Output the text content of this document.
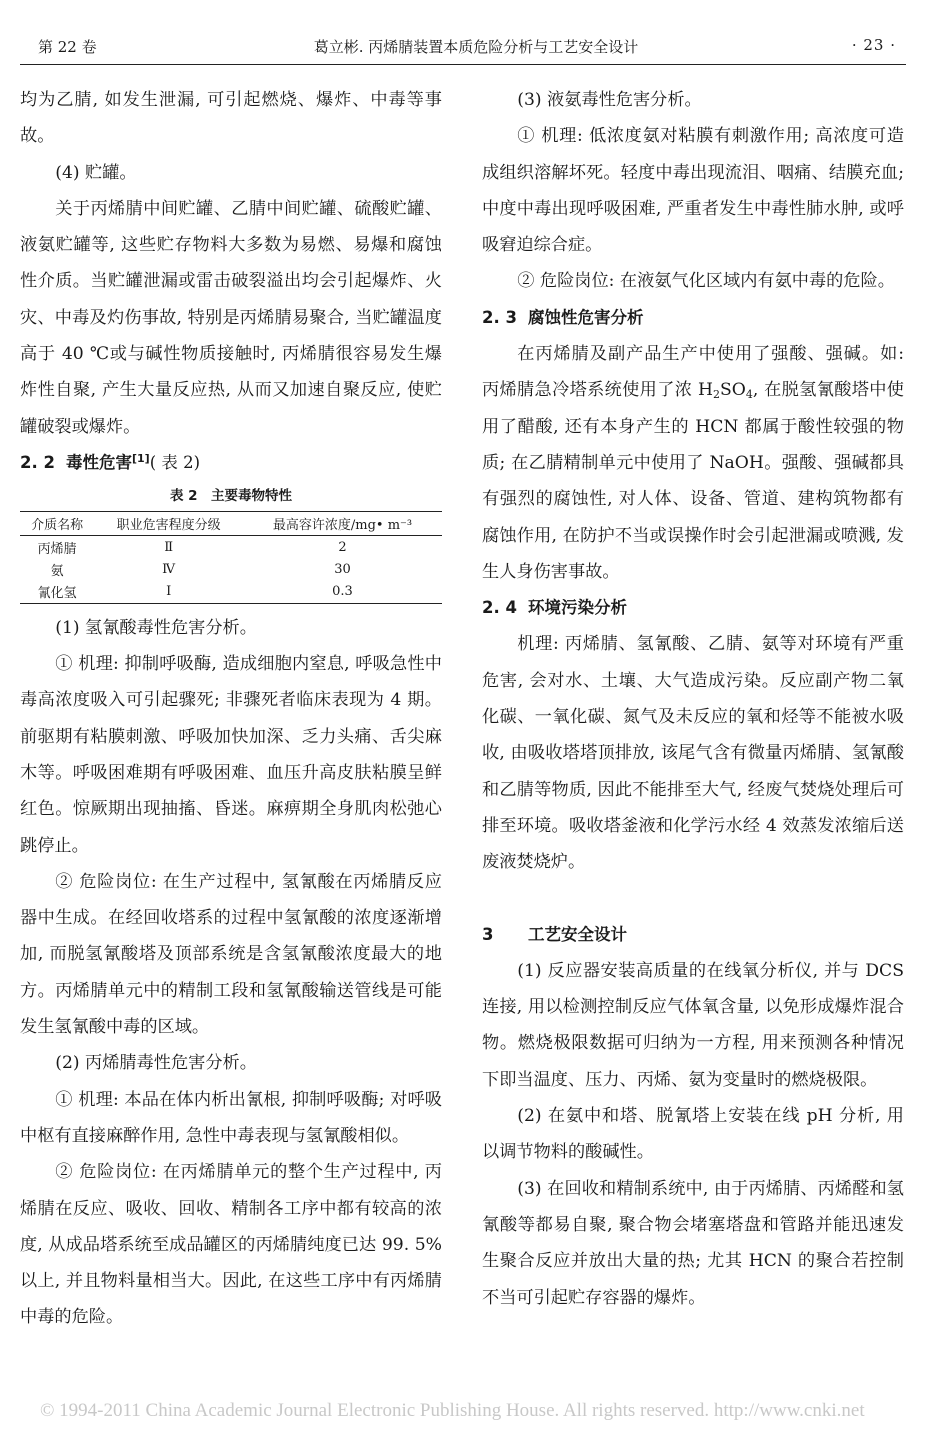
第 22 卷	葛立彬. 丙烯腈装置本质危险分析与工艺安全设计	· 23 ·

均为乙腈, 如发生泄漏, 可引起燃烧、爆炸、中毒等事故。

(4) 贮罐。

关于丙烯腈中间贮罐、乙腈中间贮罐、硫酸贮罐、液氨贮罐等, 这些贮存物料大多数为易燃、易爆和腐蚀性介质。当贮罐泄漏或雷击破裂溢出均会引起爆炸、火灾、中毒及灼伤事故, 特别是丙烯腈易聚合, 当贮罐温度高于 40 ℃或与碱性物质接触时, 丙烯腈很容易发生爆炸性自聚, 产生大量反应热, 从而又加速自聚反应, 使贮罐破裂或爆炸。

2. 2 毒性危害[1]( 表 2)
表 2　主要毒物特性
介质名称	职业危害程度分级	最高容许浓度/mg• m⁻³
丙烯腈	Ⅱ	2
氨	Ⅳ	30
氰化氢	Ⅰ	0.3

(1) 氢氰酸毒性危害分析。

① 机理: 抑制呼吸酶, 造成细胞内窒息, 呼吸急性中毒高浓度吸入可引起骤死; 非骤死者临床表现为 4 期。前驱期有粘膜刺激、呼吸加快加深、乏力头痛、舌尖麻木等。呼吸困难期有呼吸困难、血压升高皮肤粘膜呈鲜红色。惊厥期出现抽搐、昏迷。麻痹期全身肌肉松弛心跳停止。

② 危险岗位: 在生产过程中, 氢氰酸在丙烯腈反应器中生成。在经回收塔系的过程中氢氰酸的浓度逐渐增加, 而脱氢氰酸塔及顶部系统是含氢氰酸浓度最大的地方。丙烯腈单元中的精制工段和氢氰酸输送管线是可能发生氢氰酸中毒的区域。

(2) 丙烯腈毒性危害分析。

① 机理: 本品在体内析出氰根, 抑制呼吸酶; 对呼吸中枢有直接麻醉作用, 急性中毒表现与氢氰酸相似。

② 危险岗位: 在丙烯腈单元的整个生产过程中, 丙烯腈在反应、吸收、回收、精制各工序中都有较高的浓度, 从成品塔系统至成品罐区的丙烯腈纯度已达 99. 5% 以上, 并且物料量相当大。因此, 在这些工序中有丙烯腈中毒的危险。

(3) 液氨毒性危害分析。

① 机理: 低浓度氨对粘膜有刺激作用; 高浓度可造成组织溶解坏死。轻度中毒出现流泪、咽痛、结膜充血; 中度中毒出现呼吸困难, 严重者发生中毒性肺水肿, 或呼吸窘迫综合症。

② 危险岗位: 在液氨气化区域内有氨中毒的危险。

2. 3 腐蚀性危害分析

在丙烯腈及副产品生产中使用了强酸、强碱。如: 丙烯腈急冷塔系统使用了浓 $H_2SO_4$, 在脱氢氰酸塔中使用了醋酸, 还有本身产生的 HCN 都属于酸性较强的物质; 在乙腈精制单元中使用了 NaOH。强酸、强碱都具有强烈的腐蚀性, 对人体、设备、管道、建构筑物都有腐蚀作用, 在防护不当或误操作时会引起泄漏或喷溅, 发生人身伤害事故。

2. 4 环境污染分析

机理: 丙烯腈、氢氰酸、乙腈、氨等对环境有严重危害, 会对水、土壤、大气造成污染。反应副产物二氧化碳、一氧化碳、氮气及未反应的氧和烃等不能被水吸收, 由吸收塔塔顶排放, 该尾气含有微量丙烯腈、氢氰酸和乙腈等物质, 因此不能排至大气, 经废气焚烧处理后可排至环境。吸收塔釜液和化学污水经 4 效蒸发浓缩后送废液焚烧炉。

3 工艺安全设计

(1) 反应器安装高质量的在线氧分析仪, 并与 DCS 连接, 用以检测控制反应气体氧含量, 以免形成爆炸混合物。燃烧极限数据可归纳为一方程, 用来预测各种情况下即当温度、压力、丙烯、氨为变量时的燃烧极限。

(2) 在氨中和塔、脱氰塔上安装在线 pH 分析, 用以调节物料的酸碱性。

(3) 在回收和精制系统中, 由于丙烯腈、丙烯醛和氢氰酸等都易自聚, 聚合物会堵塞塔盘和管路并能迅速发生聚合反应并放出大量的热; 尤其 HCN 的聚合若控制不当可引起贮存容器的爆炸。

© 1994-2011 China Academic Journal Electronic Publishing House. All rights reserved. http://www.cnki.net
